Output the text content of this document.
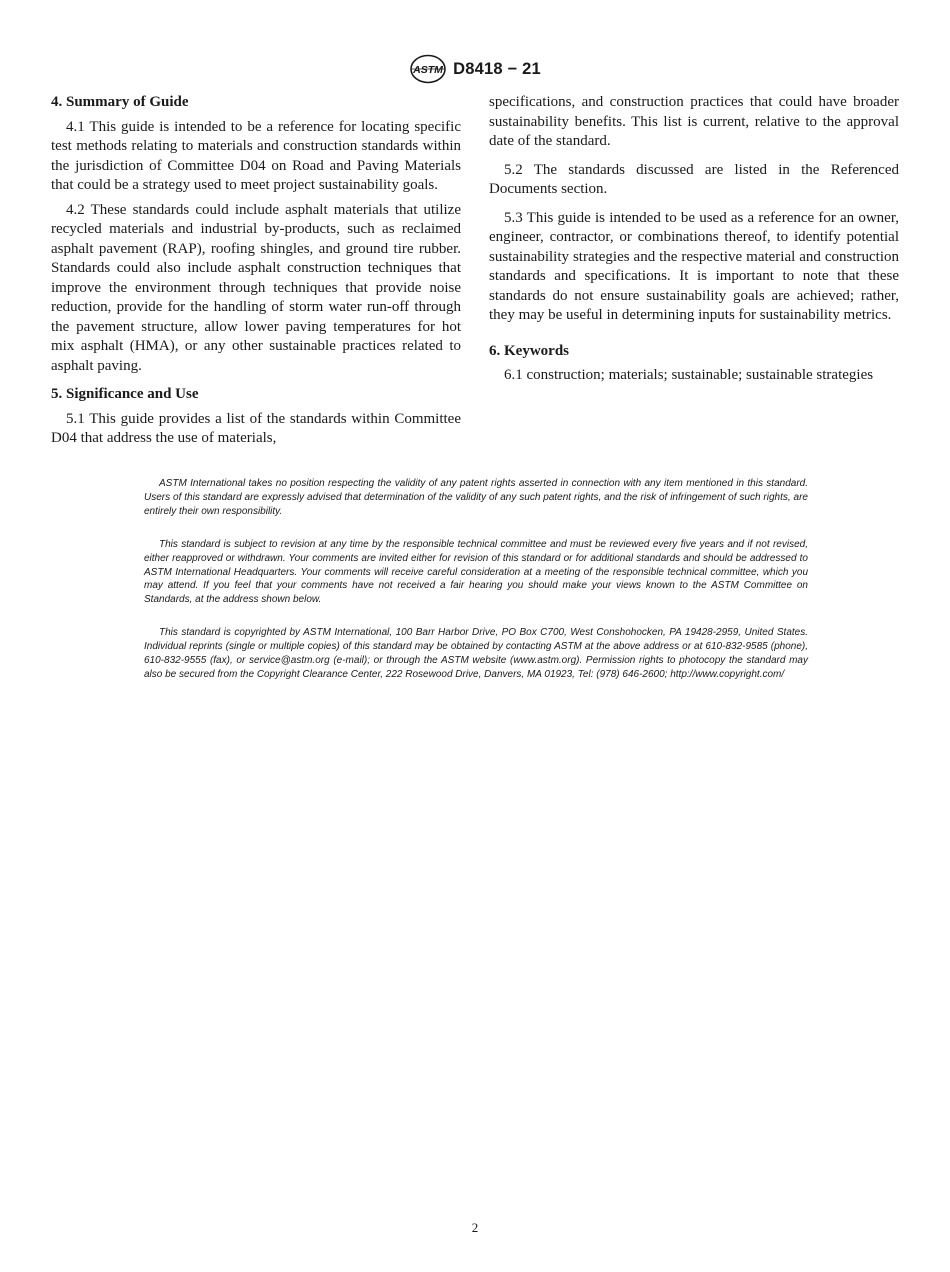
ASTM D8418 − 21
4. Summary of Guide

4.1 This guide is intended to be a reference for locating specific test methods relating to materials and construction standards within the jurisdiction of Committee D04 on Road and Paving Materials that could be a strategy used to meet project sustainability goals.

4.2 These standards could include asphalt materials that utilize recycled materials and industrial by-products, such as reclaimed asphalt pavement (RAP), roofing shingles, and ground tire rubber. Standards could also include asphalt construction techniques that improve the environment through techniques that provide noise reduction, provide for the handling of storm water run-off through the pavement structure, allow lower paving temperatures for hot mix asphalt (HMA), or any other sustainable practices related to asphalt paving.

5. Significance and Use

5.1 This guide provides a list of the standards within Committee D04 that address the use of materials,

specifications, and construction practices that could have broader sustainability benefits. This list is current, relative to the approval date of the standard.

5.2 The standards discussed are listed in the Referenced Documents section.

5.3 This guide is intended to be used as a reference for an owner, engineer, contractor, or combinations thereof, to identify potential sustainability strategies and the respective material and construction standards and specifications. It is important to note that these standards do not ensure sustainability goals are achieved; rather, they may be useful in determining inputs for sustainability metrics.

6. Keywords

6.1 construction; materials; sustainable; sustainable strategies

ASTM International takes no position respecting the validity of any patent rights asserted in connection with any item mentioned in this standard. Users of this standard are expressly advised that determination of the validity of any such patent rights, and the risk of infringement of such rights, are entirely their own responsibility.

This standard is subject to revision at any time by the responsible technical committee and must be reviewed every five years and if not revised, either reapproved or withdrawn. Your comments are invited either for revision of this standard or for additional standards and should be addressed to ASTM International Headquarters. Your comments will receive careful consideration at a meeting of the responsible technical committee, which you may attend. If you feel that your comments have not received a fair hearing you should make your views known to the ASTM Committee on Standards, at the address shown below.

This standard is copyrighted by ASTM International, 100 Barr Harbor Drive, PO Box C700, West Conshohocken, PA 19428-2959, United States. Individual reprints (single or multiple copies) of this standard may be obtained by contacting ASTM at the above address or at 610-832-9585 (phone), 610-832-9555 (fax), or service@astm.org (e-mail); or through the ASTM website (www.astm.org). Permission rights to photocopy the standard may also be secured from the Copyright Clearance Center, 222 Rosewood Drive, Danvers, MA 01923, Tel: (978) 646-2600; http://www.copyright.com/

2
